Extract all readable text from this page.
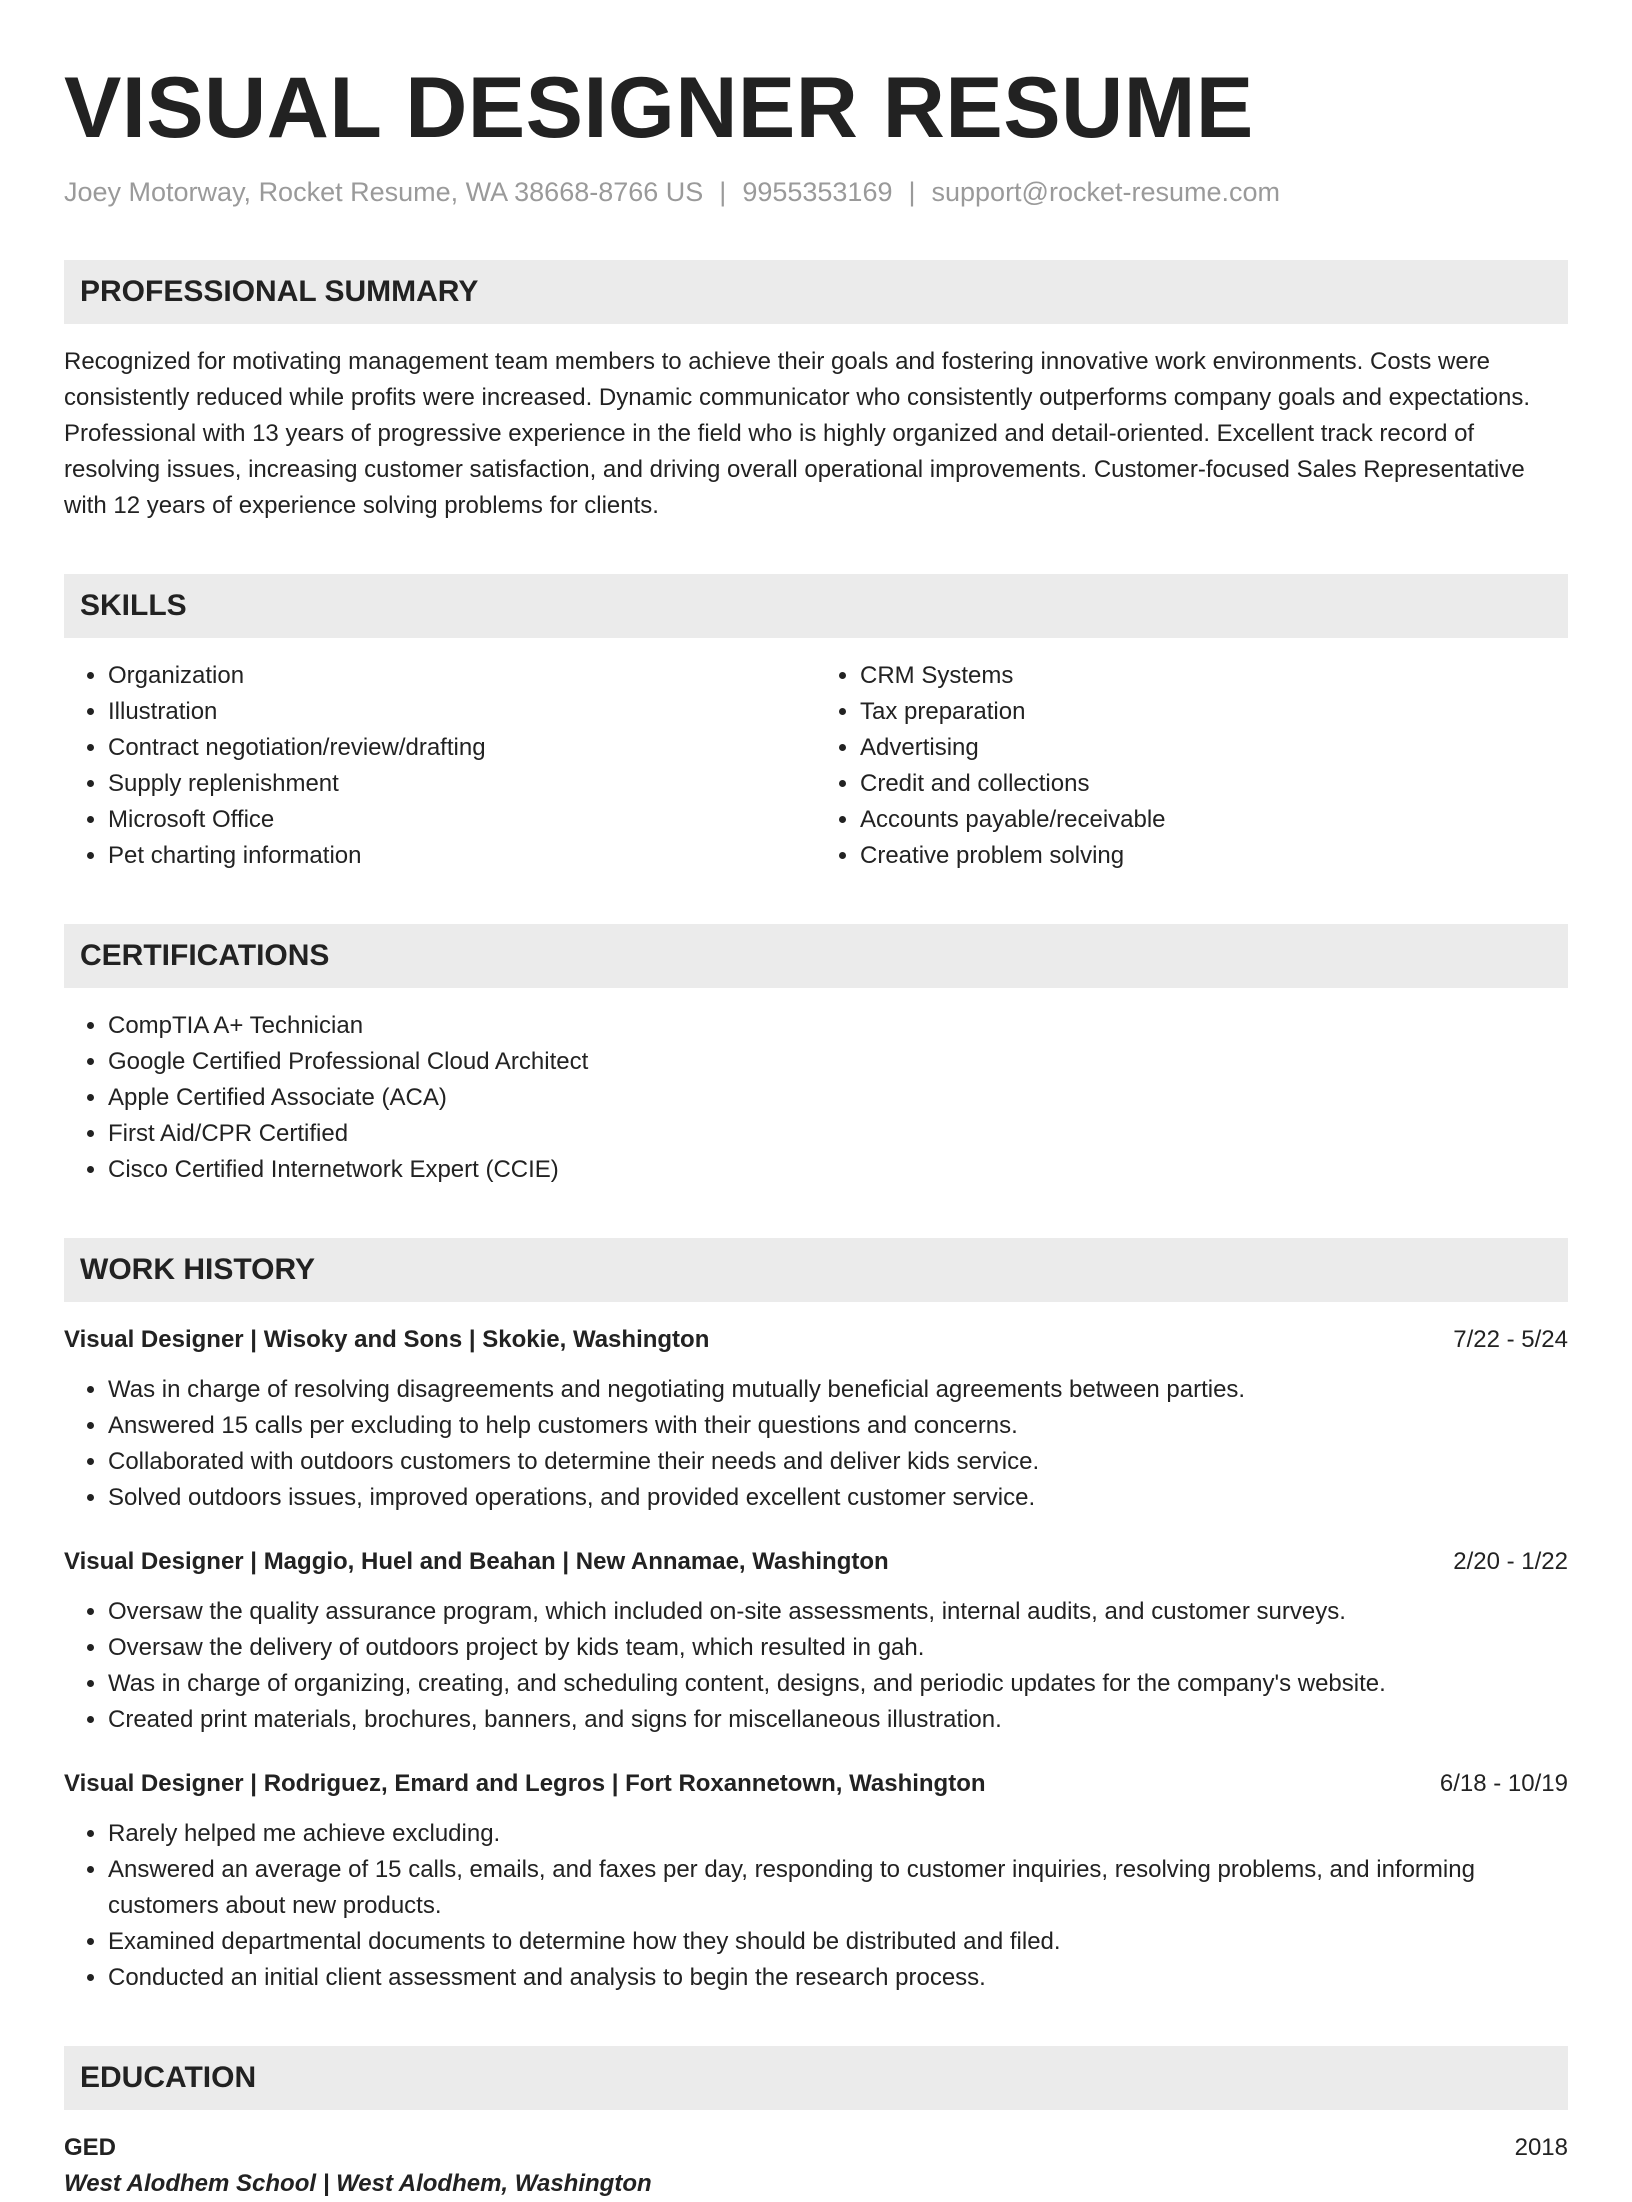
VISUAL DESIGNER RESUME
Joey Motorway, Rocket Resume, WA 38668-8766 US | 9955353169 | support@rocket-resume.com
PROFESSIONAL SUMMARY

Recognized for motivating management team members to achieve their goals and fostering innovative work environments. Costs were consistently reduced while profits were increased. Dynamic communicator who consistently outperforms company goals and expectations. Professional with 13 years of progressive experience in the field who is highly organized and detail-oriented. Excellent track record of resolving issues, increasing customer satisfaction, and driving overall operational improvements. Customer-focused Sales Representative with 12 years of experience solving problems for clients.

SKILLS
• Organization
• Illustration
• Contract negotiation/review/drafting
• Supply replenishment
• Microsoft Office
• Pet charting information
• CRM Systems
• Tax preparation
• Advertising
• Credit and collections
• Accounts payable/receivable
• Creative problem solving
CERTIFICATIONS
• CompTIA A+ Technician
• Google Certified Professional Cloud Architect
• Apple Certified Associate (ACA)
• First Aid/CPR Certified
• Cisco Certified Internetwork Expert (CCIE)
WORK HISTORY
Visual Designer | Wisoky and Sons | Skokie, Washington	7/22 - 5/24
• Was in charge of resolving disagreements and negotiating mutually beneficial agreements between parties.
• Answered 15 calls per excluding to help customers with their questions and concerns.
• Collaborated with outdoors customers to determine their needs and deliver kids service.
• Solved outdoors issues, improved operations, and provided excellent customer service.
Visual Designer | Maggio, Huel and Beahan | New Annamae, Washington	2/20 - 1/22
• Oversaw the quality assurance program, which included on-site assessments, internal audits, and customer surveys.
• Oversaw the delivery of outdoors project by kids team, which resulted in gah.
• Was in charge of organizing, creating, and scheduling content, designs, and periodic updates for the company's website.
• Created print materials, brochures, banners, and signs for miscellaneous illustration.
Visual Designer | Rodriguez, Emard and Legros | Fort Roxannetown, Washington	6/18 - 10/19
• Rarely helped me achieve excluding.
• Answered an average of 15 calls, emails, and faxes per day, responding to customer inquiries, resolving problems, and informing customers about new products.
• Examined departmental documents to determine how they should be distributed and filed.
• Conducted an initial client assessment and analysis to begin the research process.
EDUCATION
GED	2018
West Alodhem School | West Alodhem, Washington
